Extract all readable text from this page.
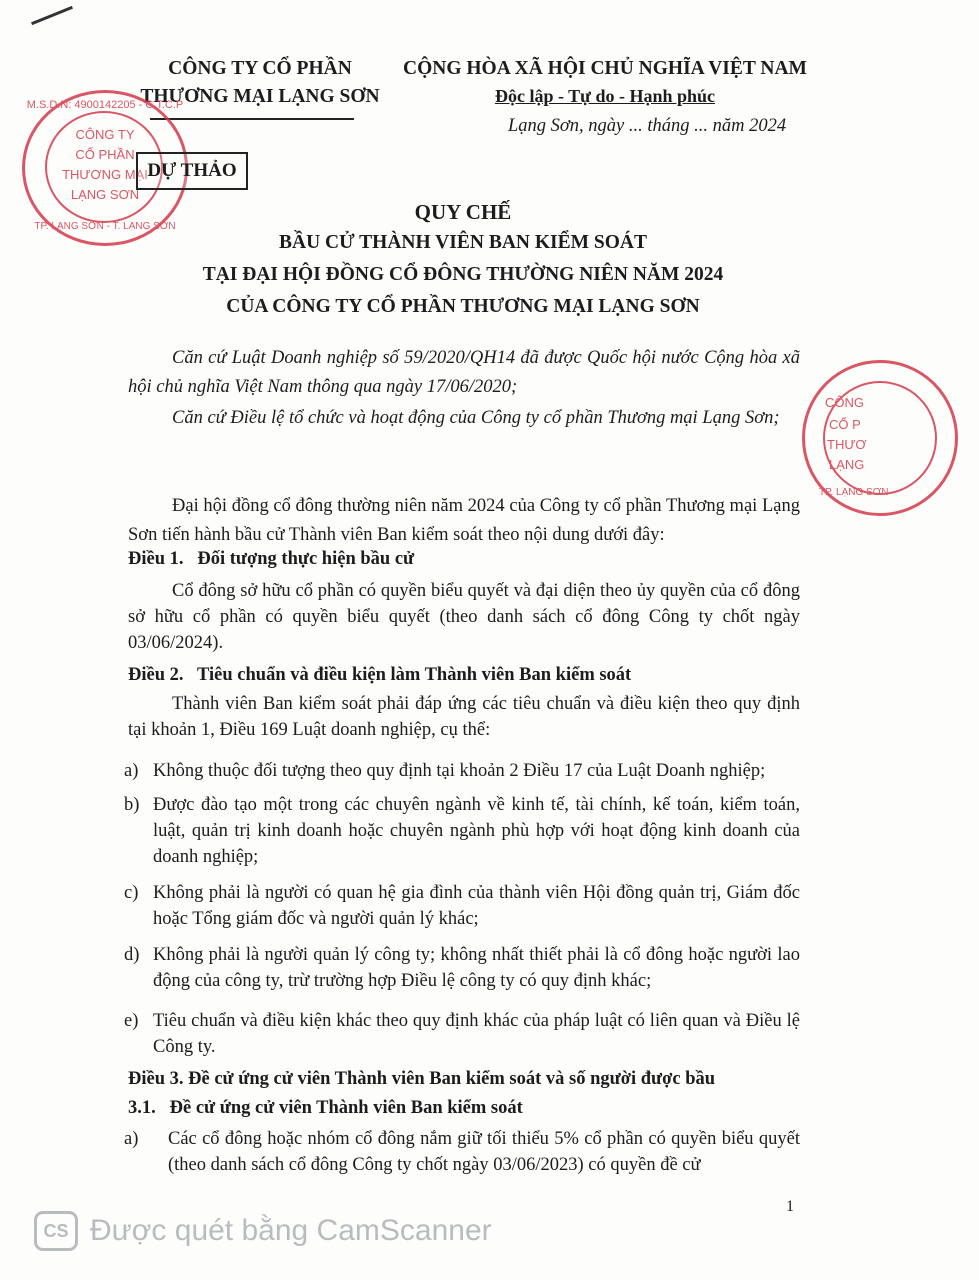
CÔNG TY CỔ PHẦN
THƯƠNG MẠI LẠNG SƠN
CỘNG HÒA XÃ HỘI CHỦ NGHĨA VIỆT NAM
Độc lập - Tự do - Hạnh phúc
Lạng Sơn, ngày ... tháng ... năm 2024
M.S.D.N: 4900142205 - C.T.C.P
CÔNG TY
CỔ PHẦN
THƯƠNG MẠI
LẠNG SƠN
TP. LẠNG SƠN - T. LẠNG SƠN
DỰ THẢO
CÔNG
CỔ P
THƯƠ
LẠNG
TP. LẠNG SƠN
QUY CHẾ
BẦU CỬ THÀNH VIÊN BAN KIỂM SOÁT
TẠI ĐẠI HỘI ĐỒNG CỔ ĐÔNG THƯỜNG NIÊN NĂM 2024
CỦA CÔNG TY CỔ PHẦN THƯƠNG MẠI LẠNG SƠN
Căn cứ Luật Doanh nghiệp số 59/2020/QH14 đã được Quốc hội nước Cộng hòa xã hội chủ nghĩa Việt Nam thông qua ngày 17/06/2020;
Căn cứ Điều lệ tổ chức và hoạt động của Công ty cổ phần Thương mại Lạng Sơn;
Đại hội đồng cổ đông thường niên năm 2024 của Công ty cổ phần Thương mại Lạng Sơn tiến hành bầu cử Thành viên Ban kiểm soát theo nội dung dưới đây:
Điều 1.   Đối tượng thực hiện bầu cử
Cổ đông sở hữu cổ phần có quyền biểu quyết và đại diện theo ủy quyền của cổ đông sở hữu cổ phần có quyền biểu quyết (theo danh sách cổ đông Công ty chốt ngày 03/06/2024).
Điều 2.   Tiêu chuẩn và điều kiện làm Thành viên Ban kiểm soát
Thành viên Ban kiểm soát phải đáp ứng các tiêu chuẩn và điều kiện theo quy định tại khoản 1, Điều 169 Luật doanh nghiệp, cụ thể:
a) Không thuộc đối tượng theo quy định tại khoản 2 Điều 17 của Luật Doanh nghiệp;
b) Được đào tạo một trong các chuyên ngành về kinh tế, tài chính, kế toán, kiểm toán, luật, quản trị kinh doanh hoặc chuyên ngành phù hợp với hoạt động kinh doanh của doanh nghiệp;
c) Không phải là người có quan hệ gia đình của thành viên Hội đồng quản trị, Giám đốc hoặc Tổng giám đốc và người quản lý khác;
d) Không phải là người quản lý công ty; không nhất thiết phải là cổ đông hoặc người lao động của công ty, trừ trường hợp Điều lệ công ty có quy định khác;
e) Tiêu chuẩn và điều kiện khác theo quy định khác của pháp luật có liên quan và Điều lệ Công ty.
Điều 3. Đề cử ứng cử viên Thành viên Ban kiểm soát và số người được bầu
3.1.   Đề cử ứng cử viên Thành viên Ban kiểm soát
a) Các cổ đông hoặc nhóm cổ đông nắm giữ tối thiểu 5% cổ phần có quyền biểu quyết (theo danh sách cổ đông Công ty chốt ngày 03/06/2023) có quyền đề cử
1
CS Được quét bằng CamScanner
